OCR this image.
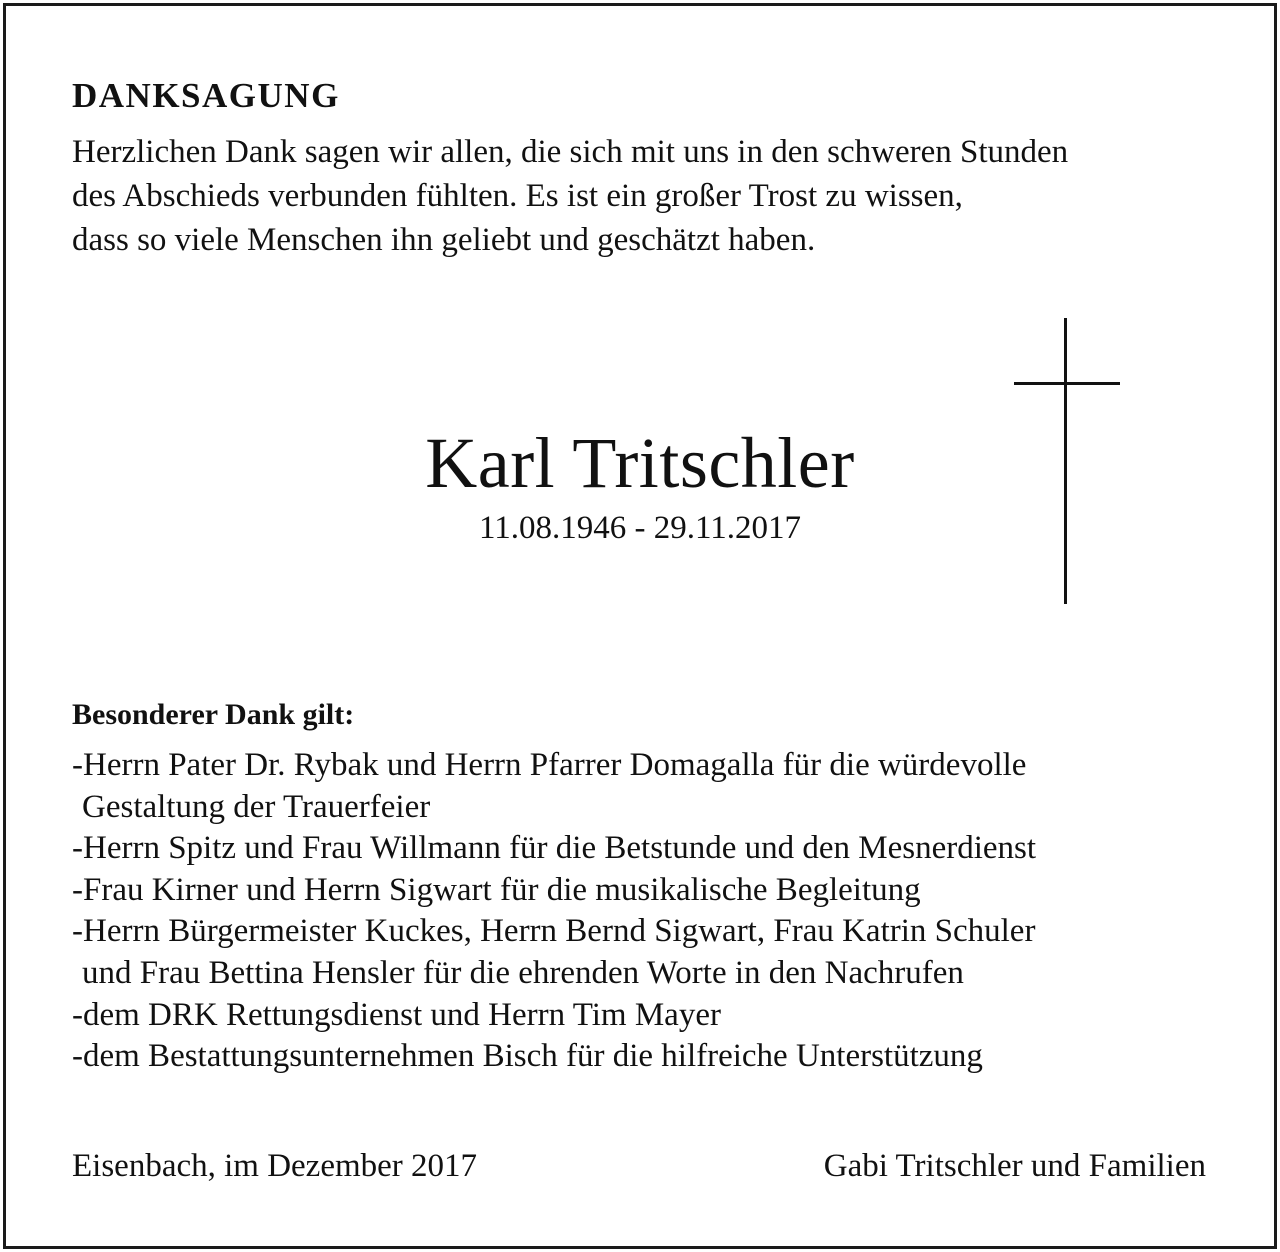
DANKSAGUNG

Herzlichen Dank sagen wir allen, die sich mit uns in den schweren Stunden
des Abschieds verbunden fühlten. Es ist ein großer Trost zu wissen,
dass so viele Menschen ihn geliebt und geschätzt haben.

Karl Tritschler

11.08.1946 - 29.11.2017

Besonderer Dank gilt:
-Herrn Pater Dr. Rybak und Herrn Pfarrer Domagalla für die würdevolle
Gestaltung der Trauerfeier
-Herrn Spitz und Frau Willmann für die Betstunde und den Mesnerdienst
-Frau Kirner und Herrn Sigwart für die musikalische Begleitung
-Herrn Bürgermeister Kuckes, Herrn Bernd Sigwart, Frau Katrin Schuler
und Frau Bettina Hensler für die ehrenden Worte in den Nachrufen
-dem DRK Rettungsdienst und Herrn Tim Mayer
-dem Bestattungsunternehmen Bisch für die hilfreiche Unterstützung

Eisenbach, im Dezember 2017	Gabi Tritschler und Familien
